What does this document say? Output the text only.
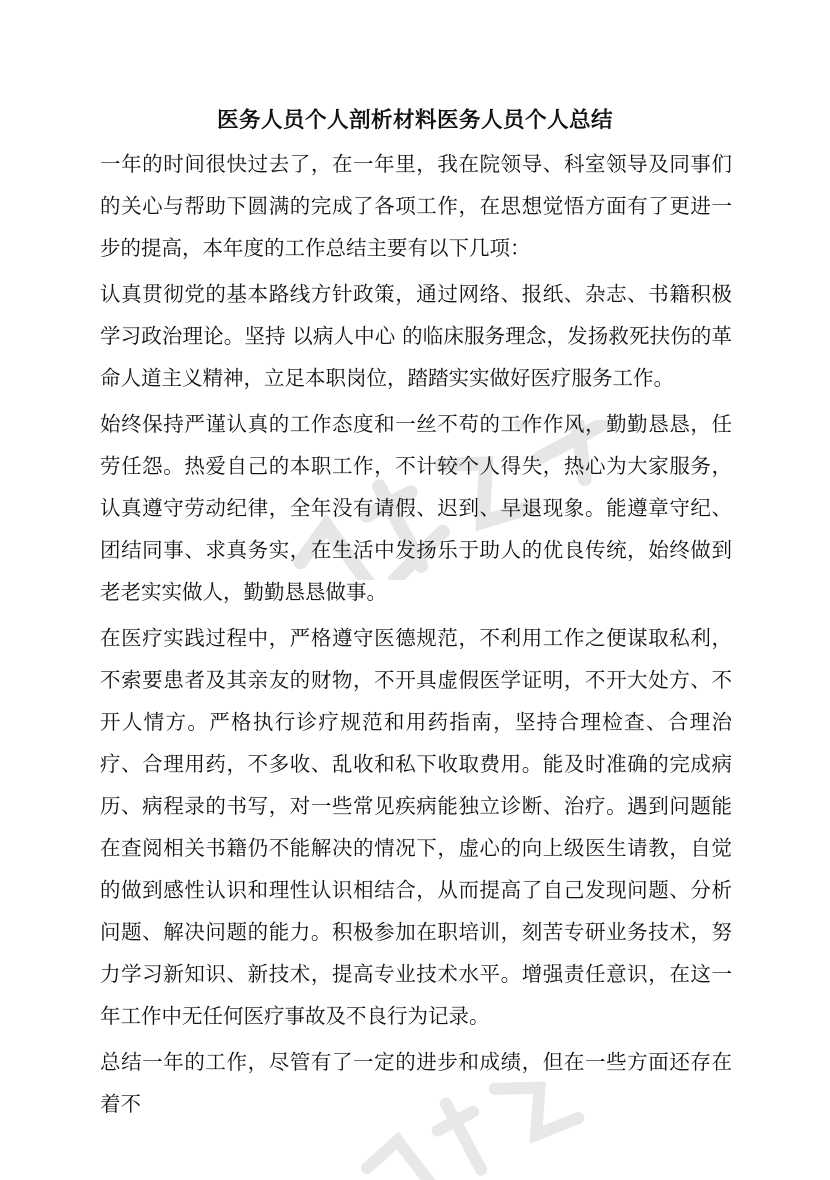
医务人员个人剖析材料医务人员个人总结

一年的时间很快过去了，在一年里，我在院领导、科室领导及同事们的关心与帮助下圆满的完成了各项工作，在思想觉悟方面有了更进一步的提高，本年度的工作总结主要有以下几项：

认真贯彻党的基本路线方针政策，通过网络、报纸、杂志、书籍积极学习政治理论。坚持 以病人中心 的临床服务理念，发扬救死扶伤的革命人道主义精神，立足本职岗位，踏踏实实做好医疗服务工作。

始终保持严谨认真的工作态度和一丝不苟的工作作风，勤勤恳恳，任劳任怨。热爱自己的本职工作，不计较个人得失，热心为大家服务，认真遵守劳动纪律，全年没有请假、迟到、早退现象。能遵章守纪、团结同事、求真务实，在生活中发扬乐于助人的优良传统，始终做到老老实实做人，勤勤恳恳做事。

在医疗实践过程中，严格遵守医德规范，不利用工作之便谋取私利，不索要患者及其亲友的财物，不开具虚假医学证明，不开大处方、不开人情方。严格执行诊疗规范和用药指南，坚持合理检查、合理治疗、合理用药，不多收、乱收和私下收取费用。能及时准确的完成病历、病程录的书写，对一些常见疾病能独立诊断、治疗。遇到问题能在查阅相关书籍仍不能解决的情况下，虚心的向上级医生请教，自觉的做到感性认识和理性认识相结合，从而提高了自己发现问题、分析问题、解决问题的能力。积极参加在职培训，刻苦专研业务技术，努力学习新知识、新技术，提高专业技术水平。增强责任意识，在这一年工作中无任何医疗事故及不良行为记录。

总结一年的工作，尽管有了一定的进步和成绩，但在一些方面还存在着不
